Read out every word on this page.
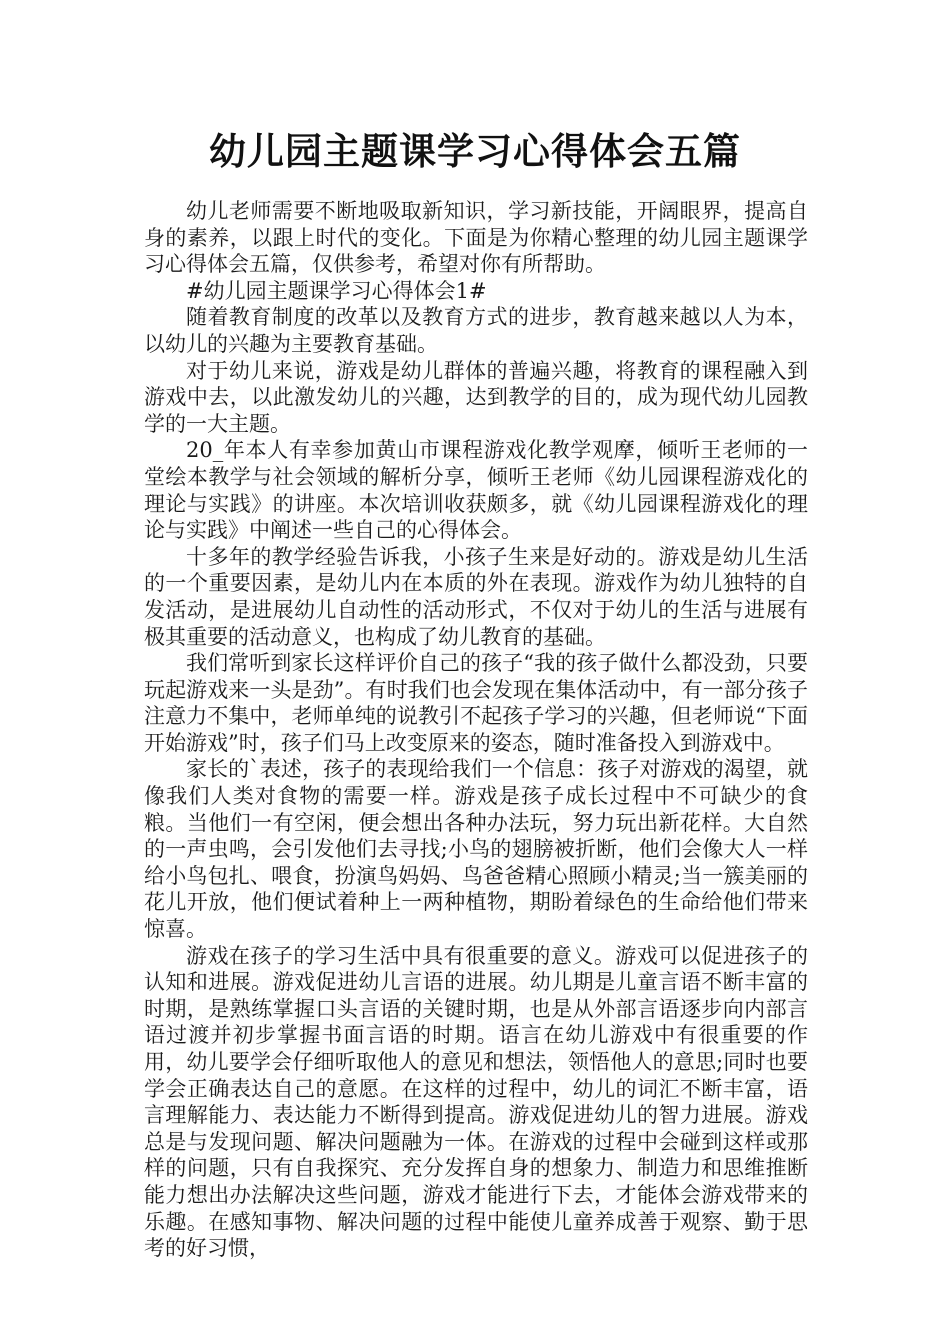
幼儿园主题课学习心得体会五篇

幼儿老师需要不断地吸取新知识，学习新技能，开阔眼界，提高自身的素养，以跟上时代的变化。下面是为你精心整理的幼儿园主题课学习心得体会五篇，仅供参考，希望对你有所帮助。

#幼儿园主题课学习心得体会1#

随着教育制度的改革以及教育方式的进步，教育越来越以人为本，以幼儿的兴趣为主要教育基础。

对于幼儿来说，游戏是幼儿群体的普遍兴趣，将教育的课程融入到游戏中去，以此激发幼儿的兴趣，达到教学的目的，成为现代幼儿园教学的一大主题。

20_年本人有幸参加黄山市课程游戏化教学观摩，倾听王老师的一堂绘本教学与社会领域的解析分享，倾听王老师《幼儿园课程游戏化的理论与实践》的讲座。本次培训收获颇多，就《幼儿园课程游戏化的理论与实践》中阐述一些自己的心得体会。

十多年的教学经验告诉我，小孩子生来是好动的。游戏是幼儿生活的一个重要因素，是幼儿内在本质的外在表现。游戏作为幼儿独特的自发活动，是进展幼儿自动性的活动形式，不仅对于幼儿的生活与进展有极其重要的活动意义，也构成了幼儿教育的基础。

我们常听到家长这样评价自己的孩子“我的孩子做什么都没劲，只要玩起游戏来一头是劲”。有时我们也会发现在集体活动中，有一部分孩子注意力不集中，老师单纯的说教引不起孩子学习的兴趣，但老师说“下面开始游戏”时，孩子们马上改变原来的姿态，随时准备投入到游戏中。

家长的`表述，孩子的表现给我们一个信息：孩子对游戏的渴望，就像我们人类对食物的需要一样。游戏是孩子成长过程中不可缺少的食粮。当他们一有空闲，便会想出各种办法玩，努力玩出新花样。大自然的一声虫鸣，会引发他们去寻找;小鸟的翅膀被折断，他们会像大人一样给小鸟包扎、喂食，扮演鸟妈妈、鸟爸爸精心照顾小精灵;当一簇美丽的花儿开放，他们便试着种上一两种植物，期盼着绿色的生命给他们带来惊喜。

游戏在孩子的学习生活中具有很重要的意义。游戏可以促进孩子的认知和进展。游戏促进幼儿言语的进展。幼儿期是儿童言语不断丰富的时期，是熟练掌握口头言语的关键时期，也是从外部言语逐步向内部言语过渡并初步掌握书面言语的时期。语言在幼儿游戏中有很重要的作用，幼儿要学会仔细听取他人的意见和想法，领悟他人的意思;同时也要学会正确表达自己的意愿。在这样的过程中，幼儿的词汇不断丰富，语言理解能力、表达能力不断得到提高。游戏促进幼儿的智力进展。游戏总是与发现问题、解决问题融为一体。在游戏的过程中会碰到这样或那样的问题，只有自我探究、充分发挥自身的想象力、制造力和思维推断能力想出办法解决这些问题，游戏才能进行下去，才能体会游戏带来的乐趣。在感知事物、解决问题的过程中能使儿童养成善于观察、勤于思考的好习惯，
